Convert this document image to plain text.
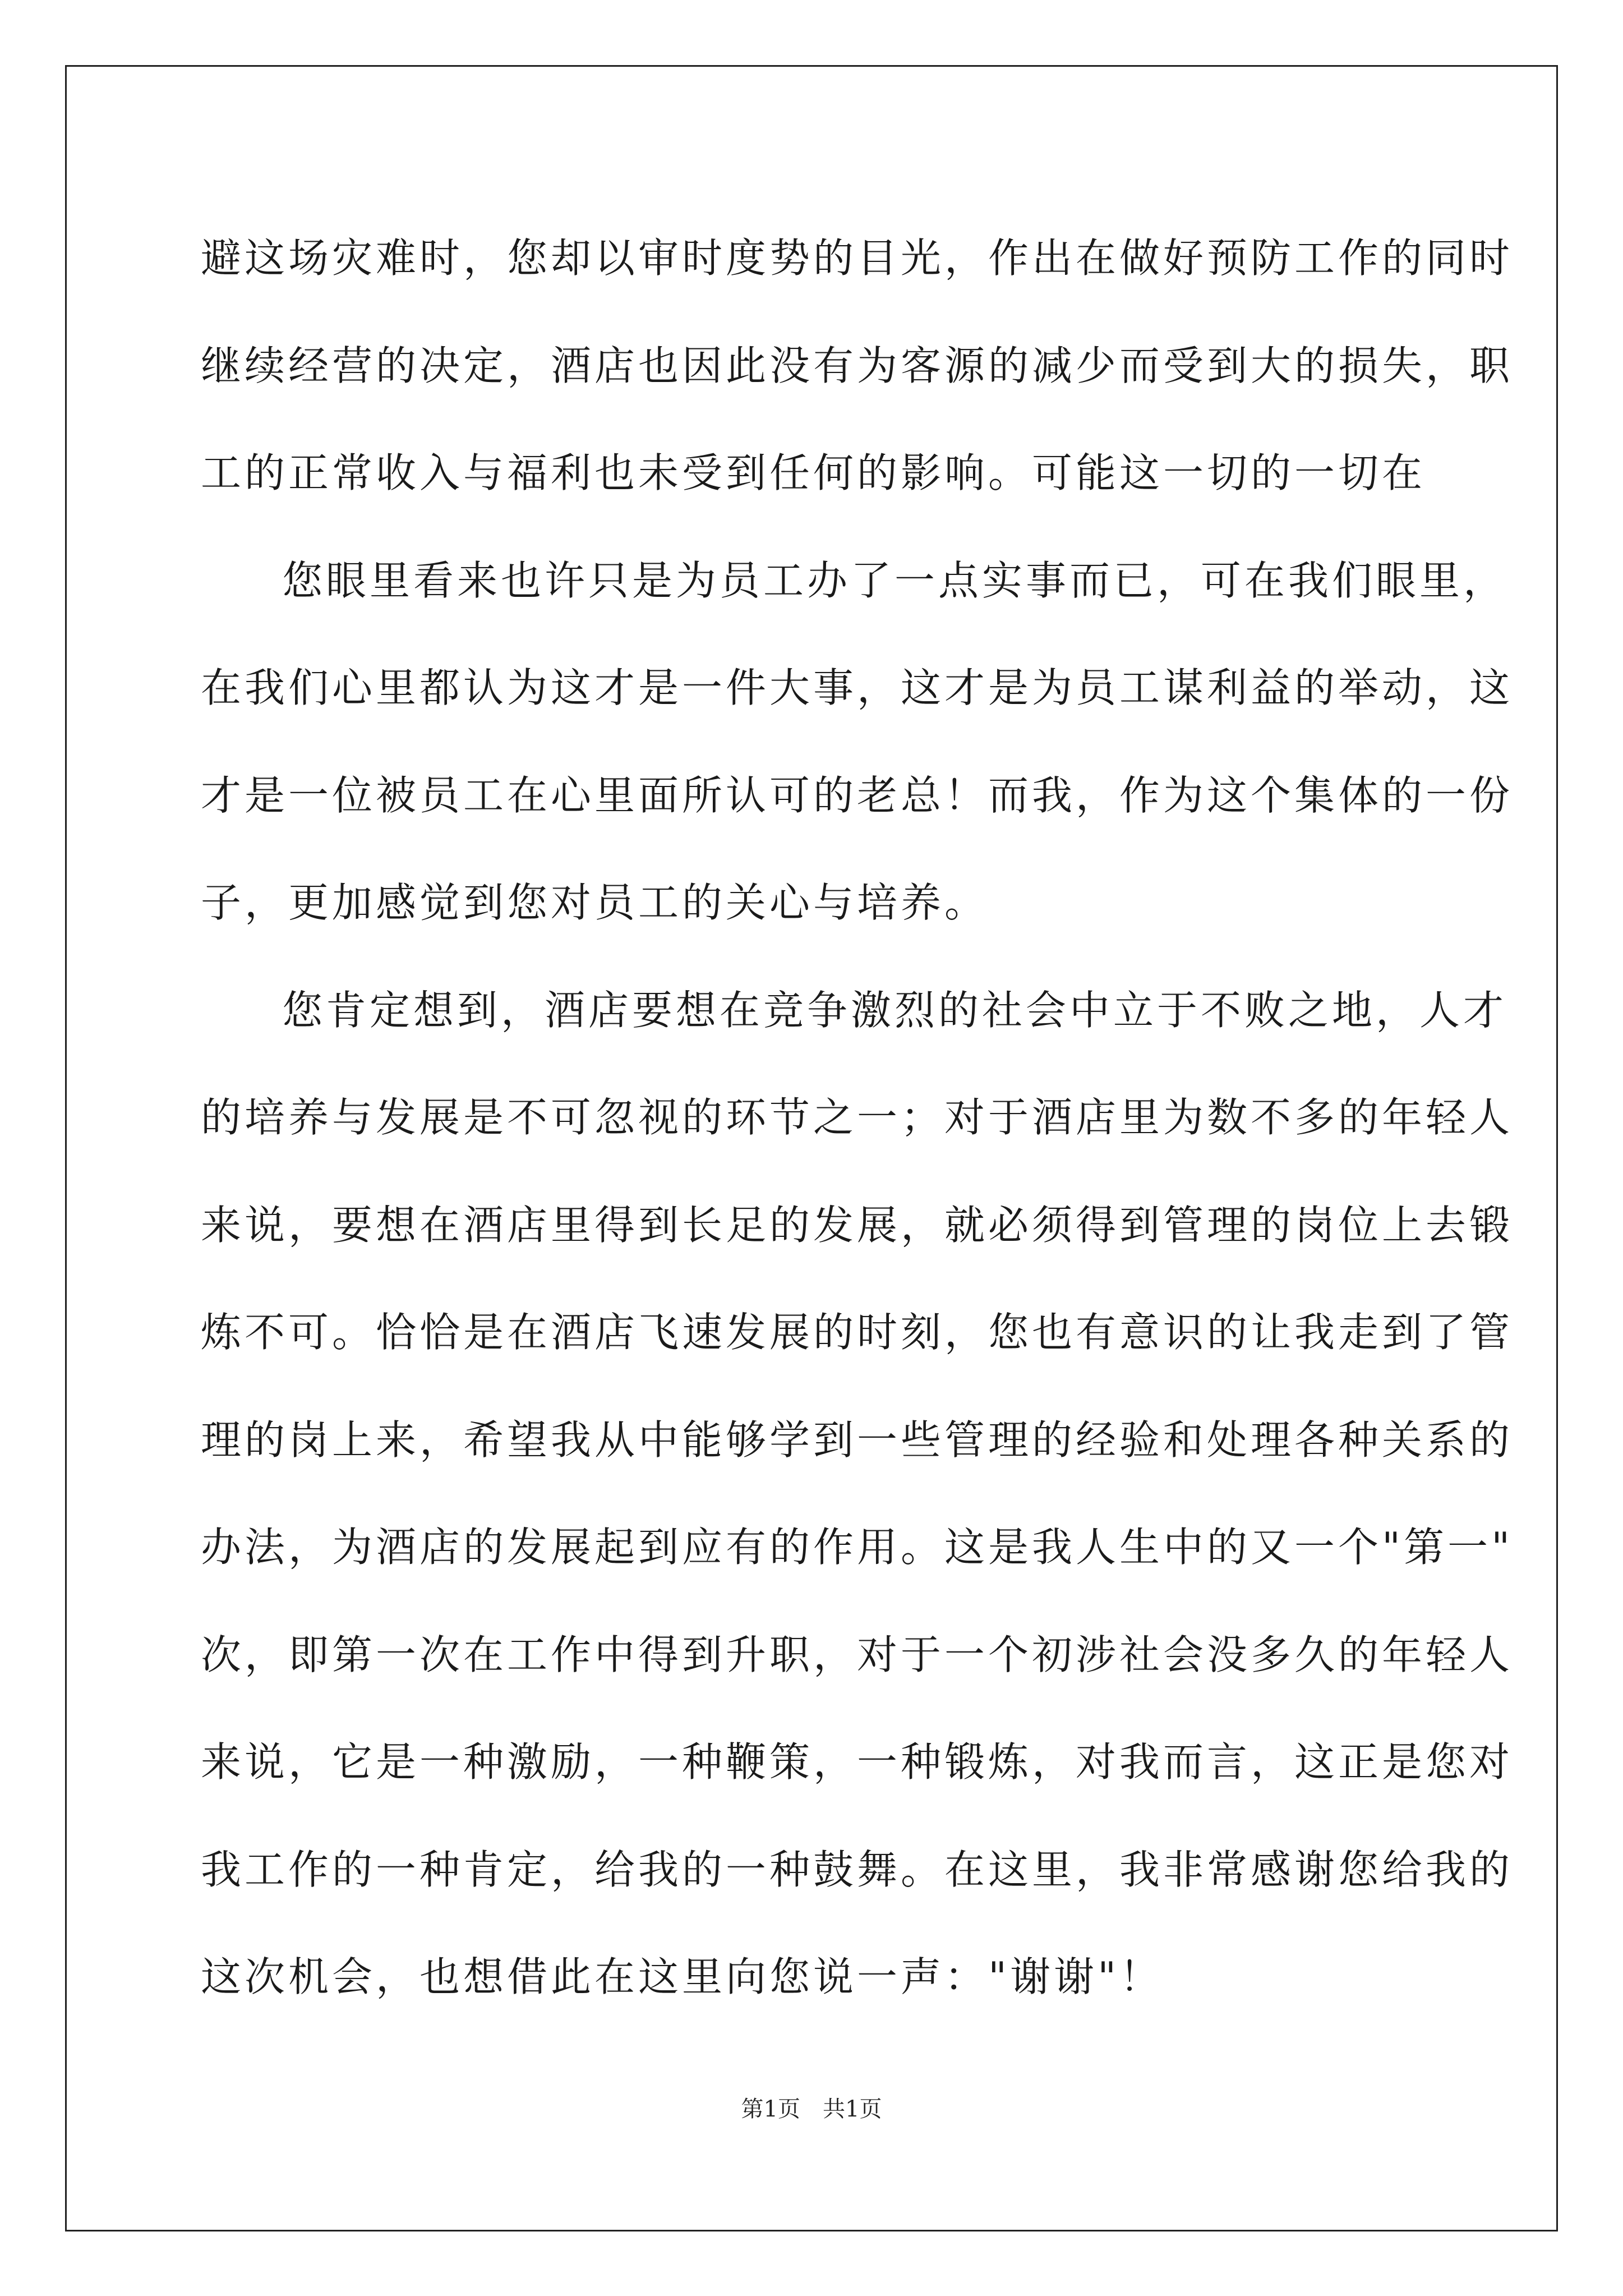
避这场灾难时，您却以审时度势的目光，作出在做好预防工作的同时
继续经营的决定，酒店也因此没有为客源的减少而受到大的损失，职
工的正常收入与福利也未受到任何的影响。可能这一切的一切在

您眼里看来也许只是为员工办了一点实事而已，可在我们眼里，
在我们心里都认为这才是一件大事，这才是为员工谋利益的举动，这
才是一位被员工在心里面所认可的老总！而我，作为这个集体的一份
子，更加感觉到您对员工的关心与培养。

您肯定想到，酒店要想在竞争激烈的社会中立于不败之地，人才
的培养与发展是不可忽视的环节之一；对于酒店里为数不多的年轻人
来说，要想在酒店里得到长足的发展，就必须得到管理的岗位上去锻
炼不可。恰恰是在酒店飞速发展的时刻，您也有意识的让我走到了管
理的岗上来，希望我从中能够学到一些管理的经验和处理各种关系的
办法，为酒店的发展起到应有的作用。这是我人生中的又一个"第一"
次，即第一次在工作中得到升职，对于一个初涉社会没多久的年轻人
来说，它是一种激励，一种鞭策，一种锻炼，对我而言，这正是您对
我工作的一种肯定，给我的一种鼓舞。在这里，我非常感谢您给我的
这次机会，也想借此在这里向您说一声："谢谢"！

第1页　共1页
